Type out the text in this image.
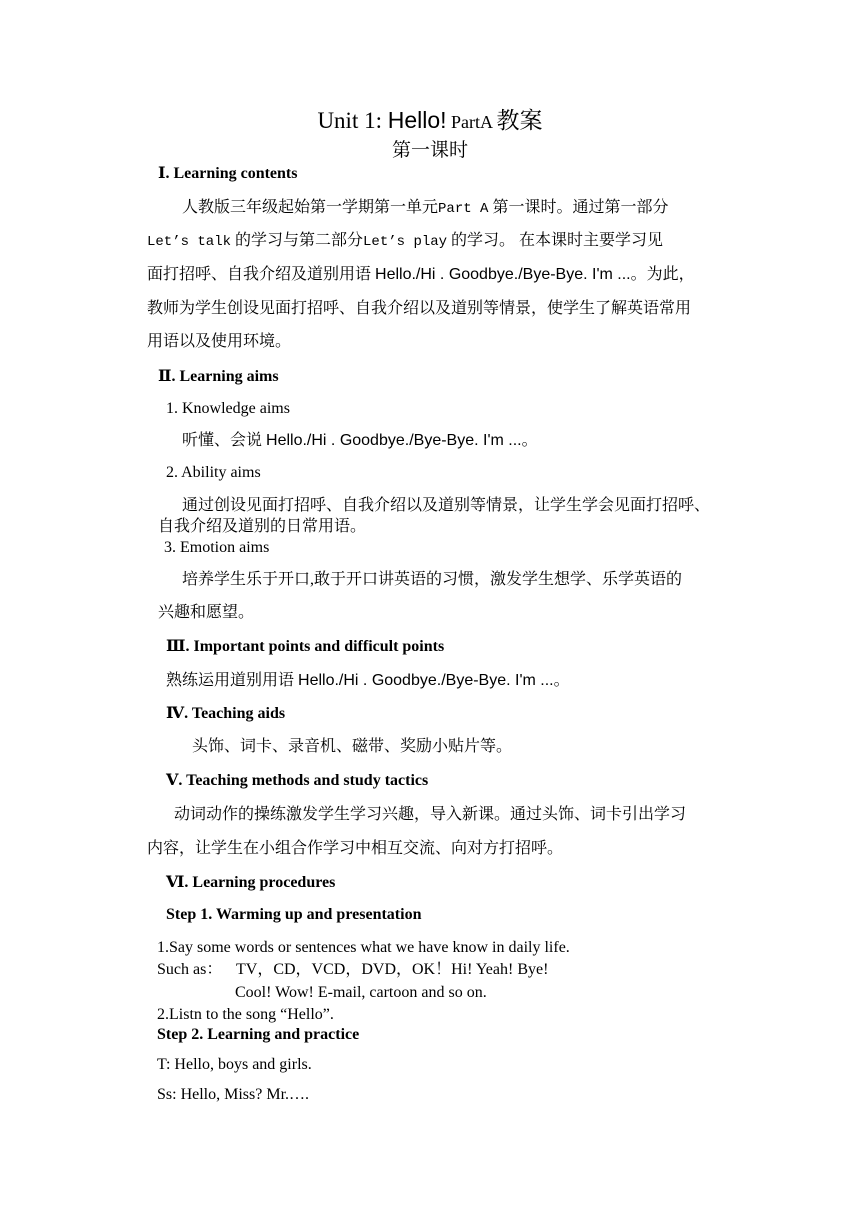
Unit 1: Hello! PartA 教案
第一课时
Ⅰ. Learning contents
人教版三年级起始第一学期第一单元Part A 第一课时。通过第一部分
Let’s talk 的学习与第二部分Let’s play 的学习。 在本课时主要学习见
面打招呼、自我介绍及道别用语 Hello./Hi . Goodbye./Bye-Bye. I'm ...。为此，
教师为学生创设见面打招呼、自我介绍以及道别等情景，使学生了解英语常用
用语以及使用环境。
Ⅱ. Learning aims
1. Knowledge aims
听懂、会说 Hello./Hi . Goodbye./Bye-Bye. I'm ...。
2. Ability aims
通过创设见面打招呼、自我介绍以及道别等情景，让学生学会见面打招呼、
自我介绍及道别的日常用语。
3. Emotion aims
培养学生乐于开口,敢于开口讲英语的习惯，激发学生想学、乐学英语的
兴趣和愿望。
Ⅲ. Important points and difficult points
熟练运用道别用语 Hello./Hi . Goodbye./Bye-Bye. I'm ...。
Ⅳ. Teaching aids
头饰、词卡、录音机、磁带、奖励小贴片等。
Ⅴ. Teaching methods and study tactics
动词动作的操练激发学生学习兴趣，导入新课。通过头饰、词卡引出学习
内容，让学生在小组合作学习中相互交流、向对方打招呼。
Ⅵ. Learning procedures
Step 1. Warming up and presentation
1.Say some words or sentences what we have know in daily life.
Such as： TV，CD，VCD，DVD，OK！Hi! Yeah! Bye!
Cool! Wow! E-mail, cartoon and so on.
2.Listn to the song “Hello”.
Step 2. Learning and practice
T: Hello, boys and girls.
Ss: Hello, Miss? Mr.….
